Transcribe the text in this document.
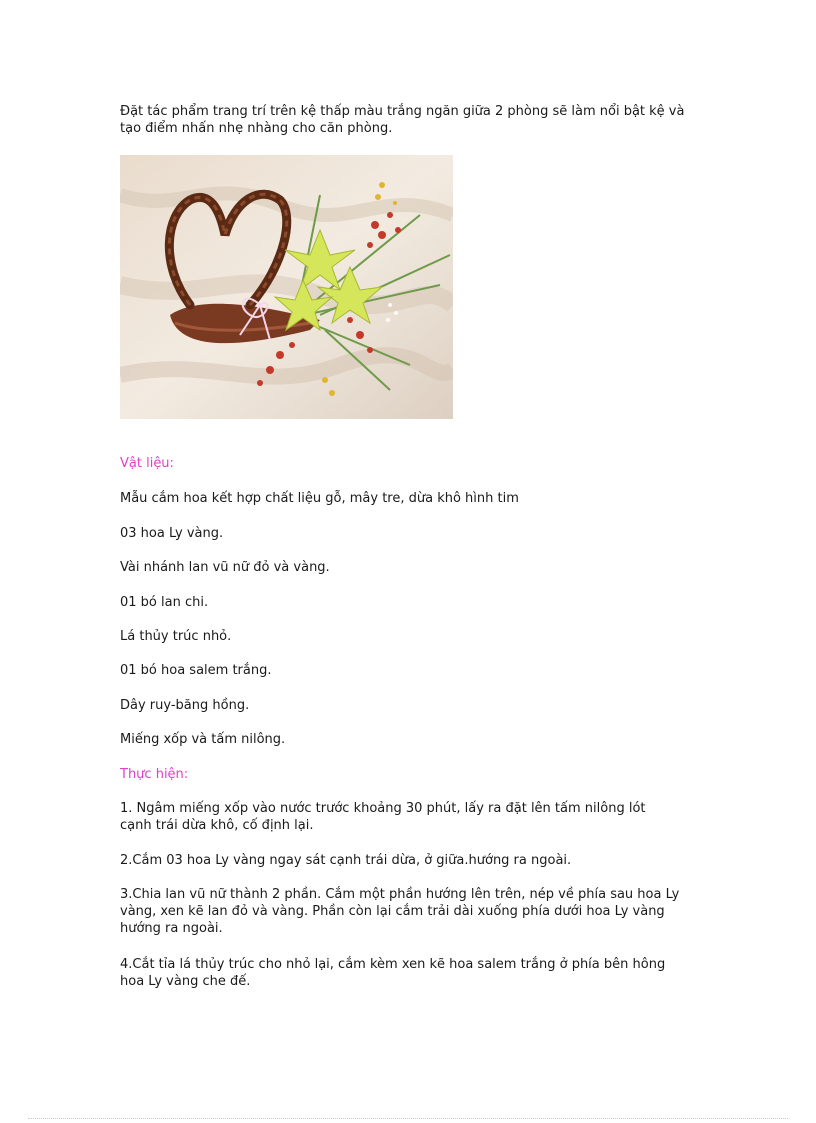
Đặt tác phẩm trang trí trên kệ thấp màu trắng ngăn giữa 2 phòng sẽ làm nổi bật kệ và tạo điểm nhấn nhẹ nhàng cho căn phòng.

Vật liệu:

Mẫu cắm hoa kết hợp chất liệu gỗ, mây tre, dừa khô hình tim

03 hoa Ly vàng.

Vài nhánh lan vũ nữ đỏ và vàng.

01 bó lan chi.

Lá thủy trúc nhỏ.

01 bó hoa salem trắng.

Dây ruy-băng hồng.

Miếng xốp và tấm nilông.

Thực hiện:

1. Ngâm miếng xốp vào nước trước khoảng 30 phút, lấy ra đặt lên tấm nilông lót cạnh trái dừa khô, cố định lại.

2.Cắm 03 hoa Ly vàng ngay sát cạnh trái dừa, ở giữa.hướng ra ngoài.

3.Chia lan vũ nữ thành 2 phần. Cắm một phần hướng lên trên, nép về phía sau hoa Ly vàng, xen kẽ lan đỏ và vàng. Phần còn lại cắm trải dài xuống phía dưới hoa Ly vàng hướng ra ngoài.

4.Cắt tỉa lá thủy trúc cho nhỏ lại, cắm kèm xen kẽ hoa salem trắng ở phía bên hông hoa Ly vàng che đế.
